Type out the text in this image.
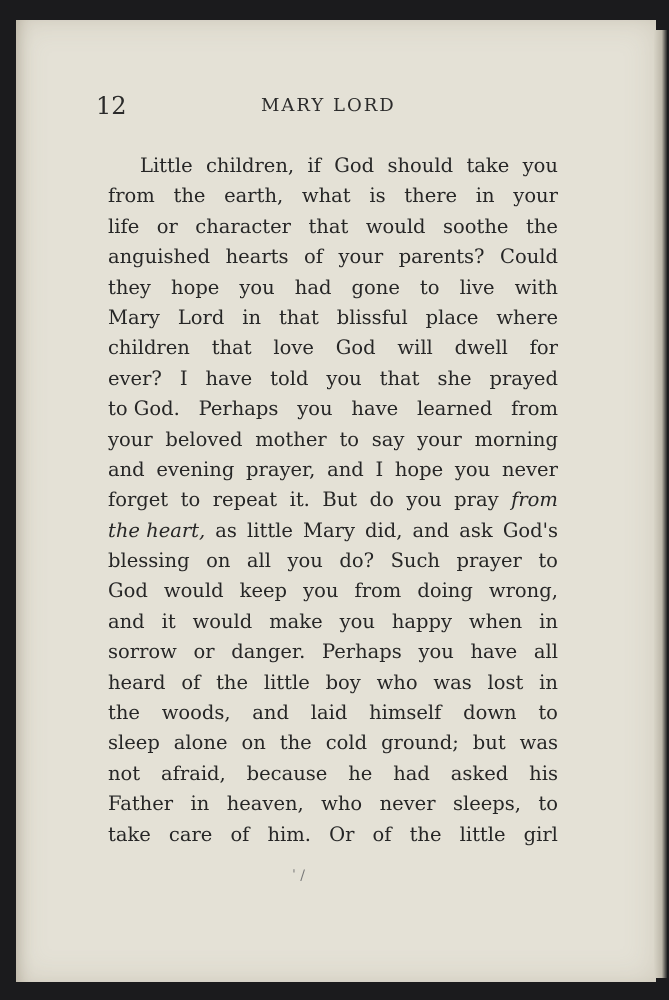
12	MARY LORD
Little children, if God should take you
from the earth, what is there in your
life or character that would soothe the
anguished hearts of your parents? Could
they hope you had gone to live with
Mary Lord in that blissful place where
children that love God will dwell for
ever? I have told you that she prayed
to God. Perhaps you have learned from
your beloved mother to say your morning
and evening prayer, and I hope you never
forget to repeat it. But do you pray from
the heart, as little Mary did, and ask God's
blessing on all you do? Such prayer to
God would keep you from doing wrong,
and it would make you happy when in
sorrow or danger. Perhaps you have all
heard of the little boy who was lost in
the woods, and laid himself down to
sleep alone on the cold ground; but was
not afraid, because he had asked his
Father in heaven, who never sleeps, to
take care of him. Or of the little girl
ˈ /
